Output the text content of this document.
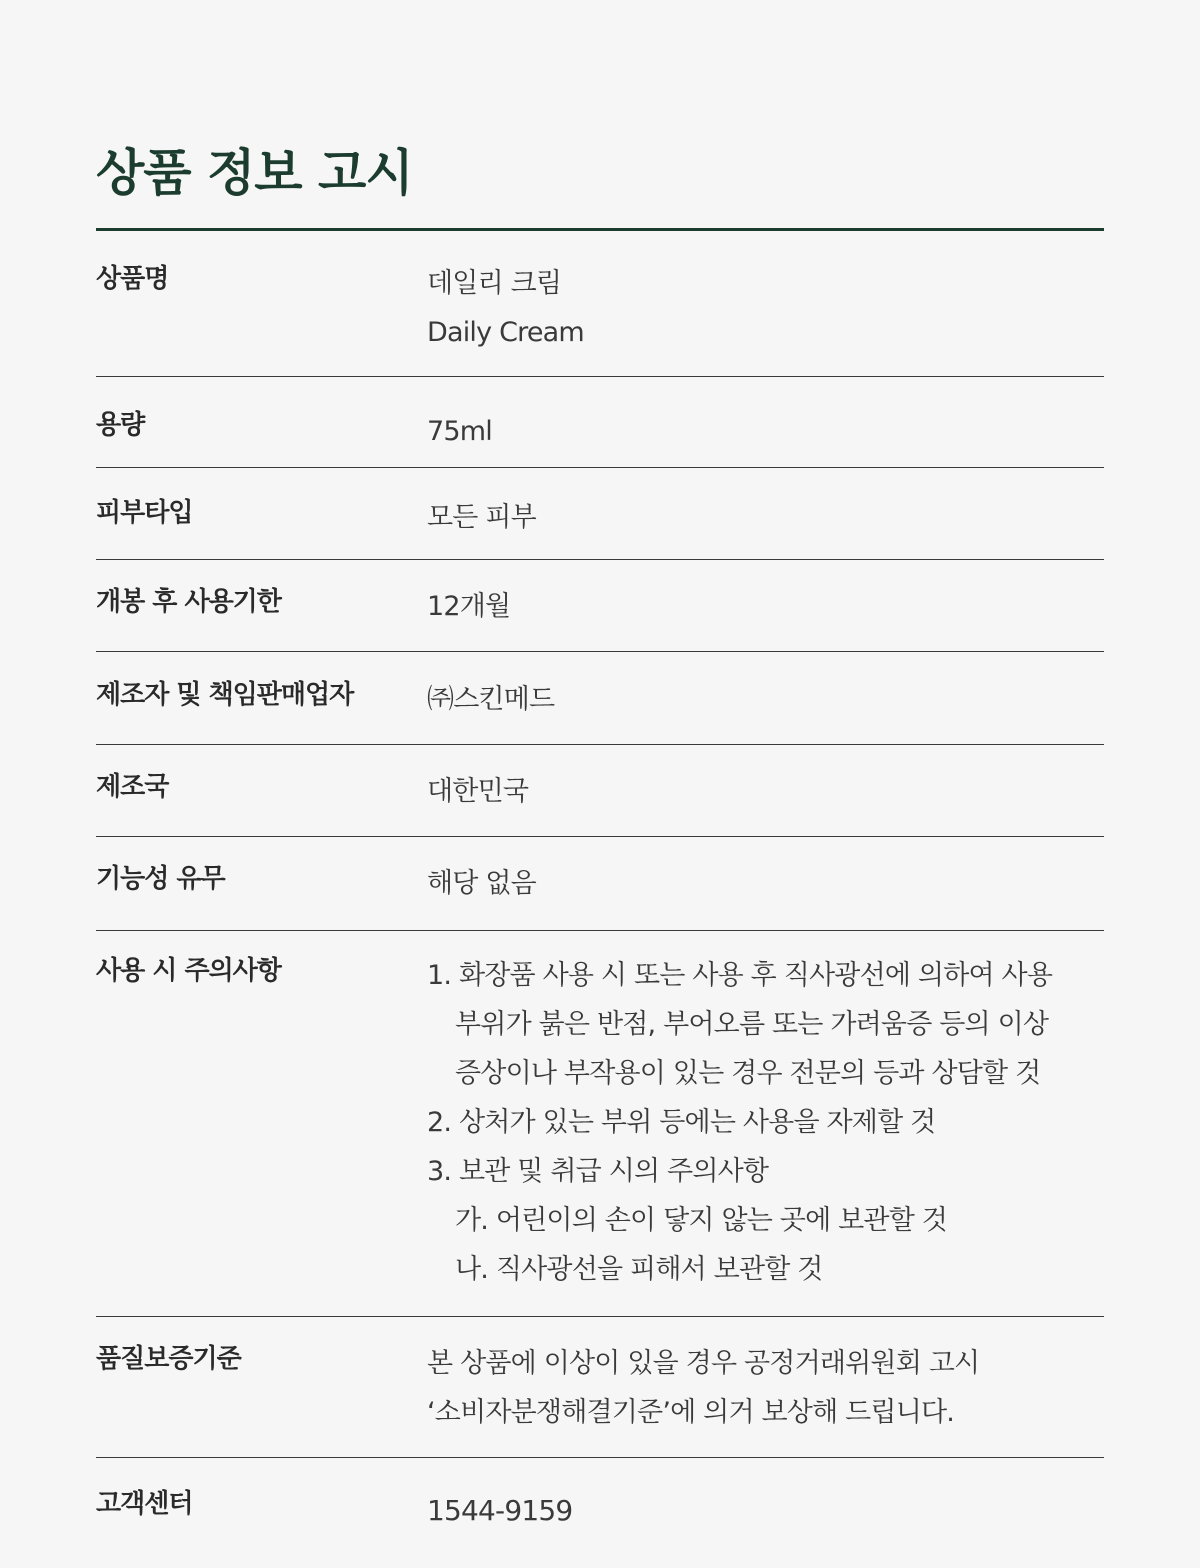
상품 정보 고시
상품명	데일리 크림
Daily Cream
용량	75ml
피부타입	모든 피부
개봉 후 사용기한	12개월
제조자 및 책임판매업자	㈜스킨메드
제조국	대한민국
기능성 유무	해당 없음
사용 시 주의사항	1. 화장품 사용 시 또는 사용 후 직사광선에 의하여 사용
부위가 붉은 반점, 부어오름 또는 가려움증 등의 이상
증상이나 부작용이 있는 경우 전문의 등과 상담할 것
2. 상처가 있는 부위 등에는 사용을 자제할 것
3. 보관 및 취급 시의 주의사항
가. 어린이의 손이 닿지 않는 곳에 보관할 것
나. 직사광선을 피해서 보관할 것
품질보증기준	본 상품에 이상이 있을 경우 공정거래위원회 고시
‘소비자분쟁해결기준’에 의거 보상해 드립니다.
고객센터	1544-9159
